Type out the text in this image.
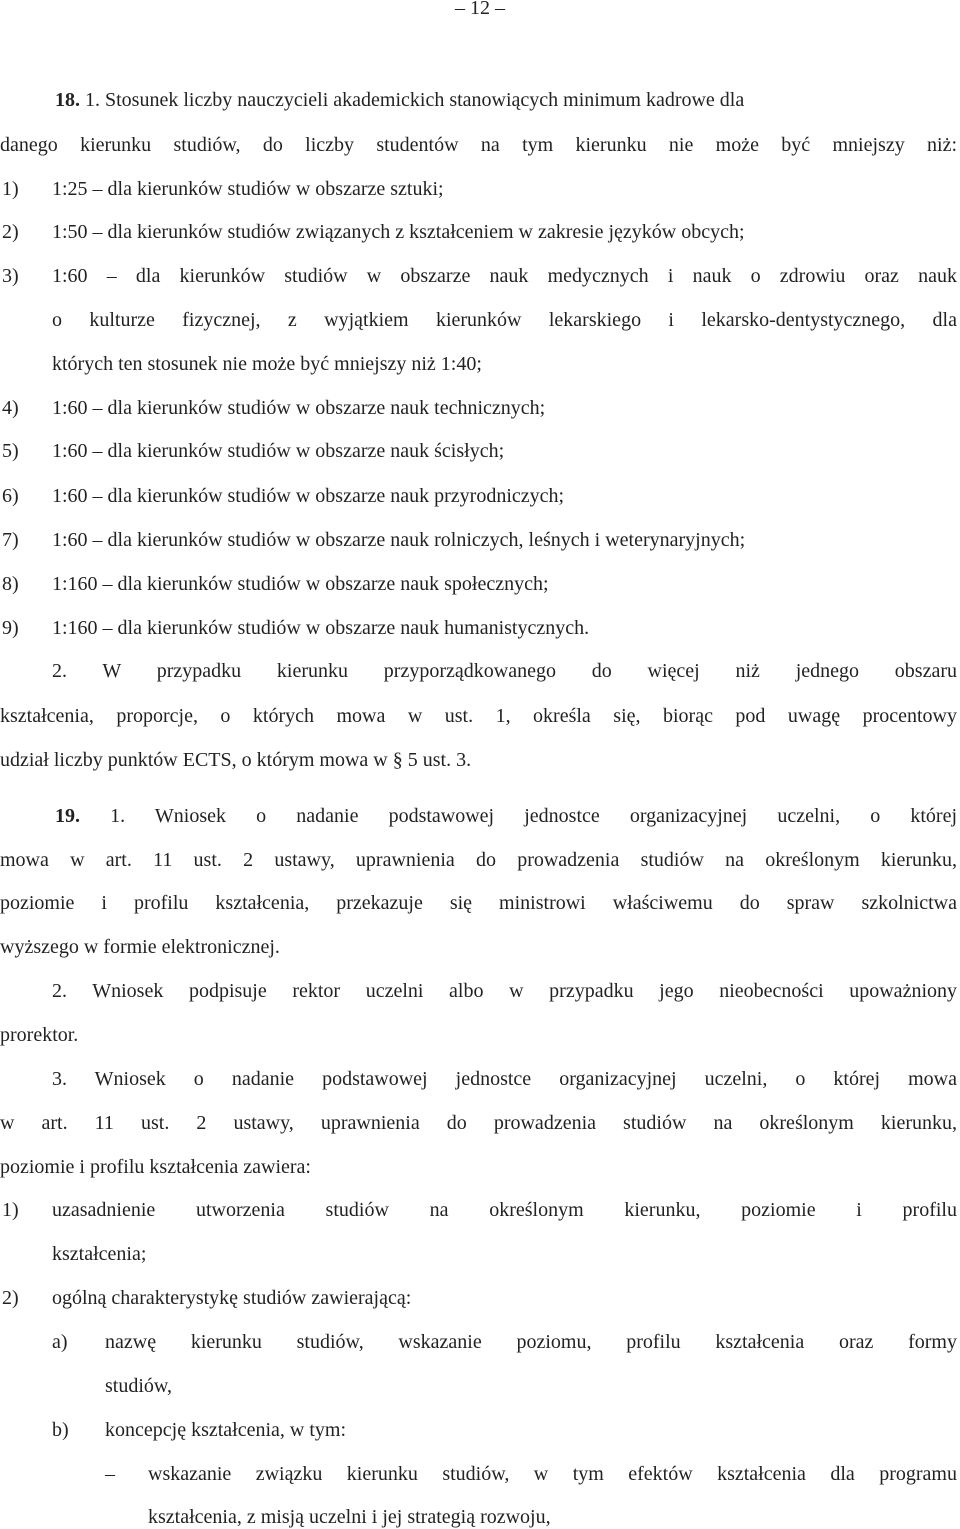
– 12 –
18. 1. Stosunek liczby nauczycieli akademickich stanowiących minimum kadrowe dla
danego kierunku studiów, do liczby studentów na tym kierunku nie może być mniejszy niż:
1) 1:25 – dla kierunków studiów w obszarze sztuki;
2) 1:50 – dla kierunków studiów związanych z kształceniem w zakresie języków obcych;
3) 1:60 – dla kierunków studiów w obszarze nauk medycznych i nauk o zdrowiu oraz nauk
o kulturze fizycznej, z wyjątkiem kierunków lekarskiego i lekarsko-dentystycznego, dla
których ten stosunek nie może być mniejszy niż 1:40;
4) 1:60 – dla kierunków studiów w obszarze nauk technicznych;
5) 1:60 – dla kierunków studiów w obszarze nauk ścisłych;
6) 1:60 – dla kierunków studiów w obszarze nauk przyrodniczych;
7) 1:60 – dla kierunków studiów w obszarze nauk rolniczych, leśnych i weterynaryjnych;
8) 1:160 – dla kierunków studiów w obszarze nauk społecznych;
9) 1:160 – dla kierunków studiów w obszarze nauk humanistycznych.
2. W przypadku kierunku przyporządkowanego do więcej niż jednego obszaru
kształcenia, proporcje, o których mowa w ust. 1, określa się, biorąc pod uwagę procentowy
udział liczby punktów ECTS, o którym mowa w § 5 ust. 3.
19. 1. Wniosek o nadanie podstawowej jednostce organizacyjnej uczelni, o której
mowa w art. 11 ust. 2 ustawy, uprawnienia do prowadzenia studiów na określonym kierunku,
poziomie i profilu kształcenia, przekazuje się ministrowi właściwemu do spraw szkolnictwa
wyższego w formie elektronicznej.
2. Wniosek podpisuje rektor uczelni albo w przypadku jego nieobecności upoważniony
prorektor.
3. Wniosek o nadanie podstawowej jednostce organizacyjnej uczelni, o której mowa
w art. 11 ust. 2 ustawy, uprawnienia do prowadzenia studiów na określonym kierunku,
poziomie i profilu kształcenia zawiera:
1) uzasadnienie utworzenia studiów na określonym kierunku, poziomie i profilu
kształcenia;
2) ogólną charakterystykę studiów zawierającą:
a) nazwę kierunku studiów, wskazanie poziomu, profilu kształcenia oraz formy
studiów,
b) koncepcję kształcenia, w tym:
– wskazanie związku kierunku studiów, w tym efektów kształcenia dla programu
kształcenia, z misją uczelni i jej strategią rozwoju,
